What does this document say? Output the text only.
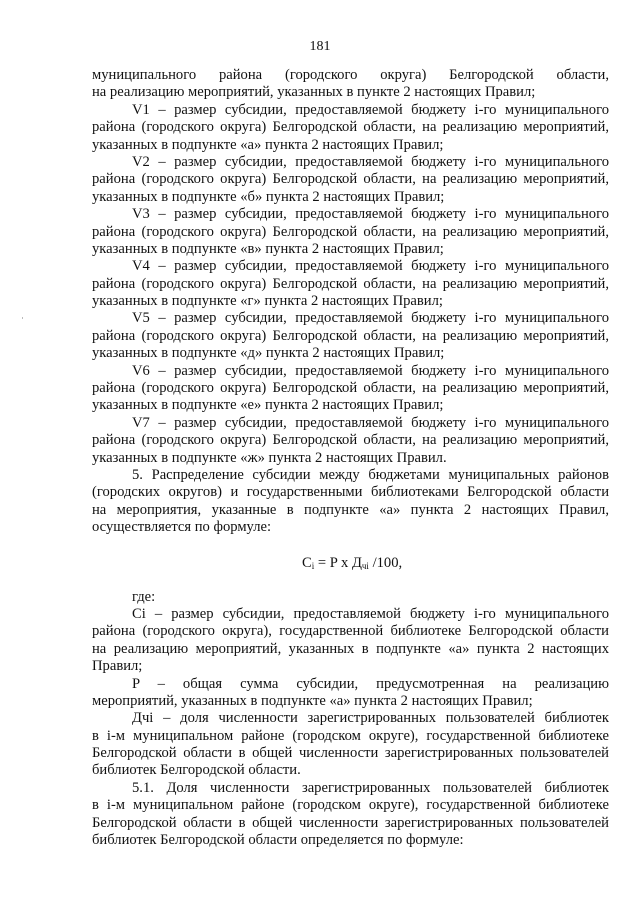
181
муниципального района (городского округа) Белгородской области,
на реализацию мероприятий, указанных в пункте 2 настоящих Правил;
V1 – размер субсидии, предоставляемой бюджету i-го муниципального
района (городского округа) Белгородской области, на реализацию мероприятий,
указанных в подпункте «а» пункта 2 настоящих Правил;
V2 – размер субсидии, предоставляемой бюджету i-го муниципального
района (городского округа) Белгородской области, на реализацию мероприятий,
указанных в подпункте «б» пункта 2 настоящих Правил;
V3 – размер субсидии, предоставляемой бюджету i-го муниципального
района (городского округа) Белгородской области, на реализацию мероприятий,
указанных в подпункте «в» пункта 2 настоящих Правил;
V4 – размер субсидии, предоставляемой бюджету i-го муниципального
района (городского округа) Белгородской области, на реализацию мероприятий,
указанных в подпункте «г» пункта 2 настоящих Правил;
V5 – размер субсидии, предоставляемой бюджету i-го муниципального
района (городского округа) Белгородской области, на реализацию мероприятий,
указанных в подпункте «д» пункта 2 настоящих Правил;
V6 – размер субсидии, предоставляемой бюджету i-го муниципального
района (городского округа) Белгородской области, на реализацию мероприятий,
указанных в подпункте «е» пункта 2 настоящих Правил;
V7 – размер субсидии, предоставляемой бюджету i-го муниципального
района (городского округа) Белгородской области, на реализацию мероприятий,
указанных в подпункте «ж» пункта 2 настоящих Правил.
5. Распределение субсидии между бюджетами муниципальных районов
(городских округов) и государственными библиотеками Белгородской области
на мероприятия, указанные в подпункте «а» пункта 2 настоящих Правил,
осуществляется по формуле:
$C_i = P$ x $Д_{чi}$ /100,
где:
Ci – размер субсидии, предоставляемой бюджету i-го муниципального
района (городского округа), государственной библиотеке Белгородской области
на реализацию мероприятий, указанных в подпункте «а» пункта 2 настоящих
Правил;
P – общая сумма субсидии, предусмотренная на реализацию
мероприятий, указанных в подпункте «а» пункта 2 настоящих Правил;
Дчi – доля численности зарегистрированных пользователей библиотек
в i-м муниципальном районе (городском округе), государственной библиотеке
Белгородской области в общей численности зарегистрированных пользователей
библиотек Белгородской области.
5.1. Доля численности зарегистрированных пользователей библиотек
в i-м муниципальном районе (городском округе), государственной библиотеке
Белгородской области в общей численности зарегистрированных пользователей
библиотек Белгородской области определяется по формуле:
